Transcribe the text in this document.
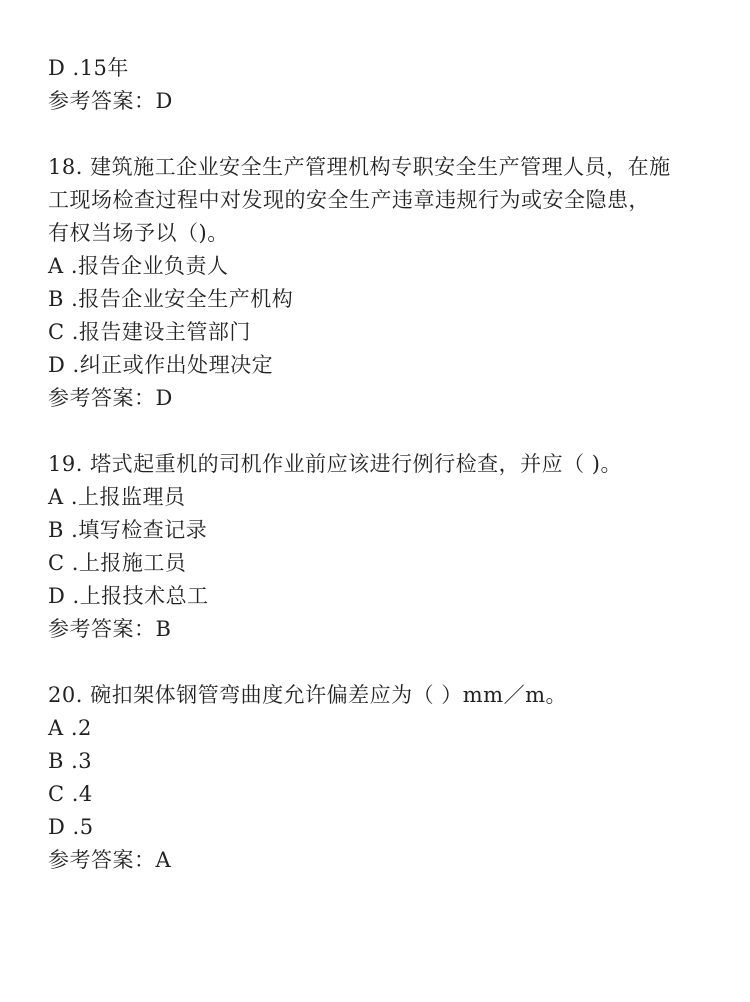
D .15年
参考答案：D
18. 建筑施工企业安全生产管理机构专职安全生产管理人员，在施
工现场检查过程中对发现的安全生产违章违规行为或安全隐患，
有权当场予以（)。
A .报告企业负责人
B .报告企业安全生产机构
C .报告建设主管部门
D .纠正或作出处理决定
参考答案：D
19. 塔式起重机的司机作业前应该进行例行检查，并应（ )。
A .上报监理员
B .填写检查记录
C .上报施工员
D .上报技术总工
参考答案：B
20. 碗扣架体钢管弯曲度允许偏差应为（ ）mm／m。
A .2
B .3
C .4
D .5
参考答案：A
